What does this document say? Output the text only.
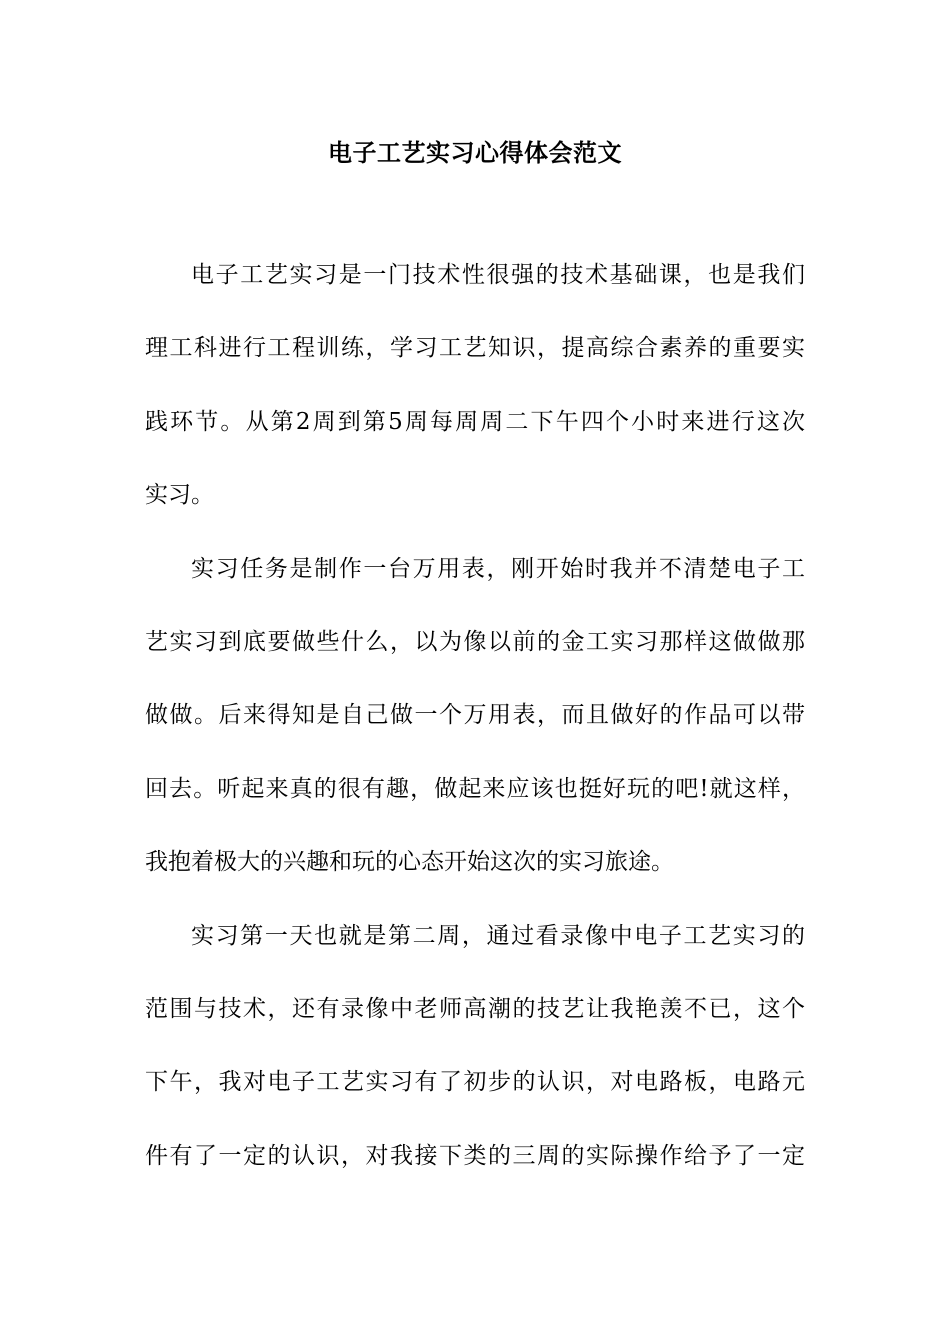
电子工艺实习心得体会范文
电子工艺实习是一门技术性很强的技术基础课，也是我们
理工科进行工程训练，学习工艺知识，提高综合素养的重要实
践环节。从第2周到第5周每周周二下午四个小时来进行这次
实习。
实习任务是制作一台万用表，刚开始时我并不清楚电子工
艺实习到底要做些什么，以为像以前的金工实习那样这做做那
做做。后来得知是自己做一个万用表，而且做好的作品可以带
回去。听起来真的很有趣，做起来应该也挺好玩的吧!就这样，
我抱着极大的兴趣和玩的心态开始这次的实习旅途。
实习第一天也就是第二周，通过看录像中电子工艺实习的
范围与技术，还有录像中老师高潮的技艺让我艳羡不已，这个
下午，我对电子工艺实习有了初步的认识，对电路板，电路元
件有了一定的认识，对我接下类的三周的实际操作给予了一定
